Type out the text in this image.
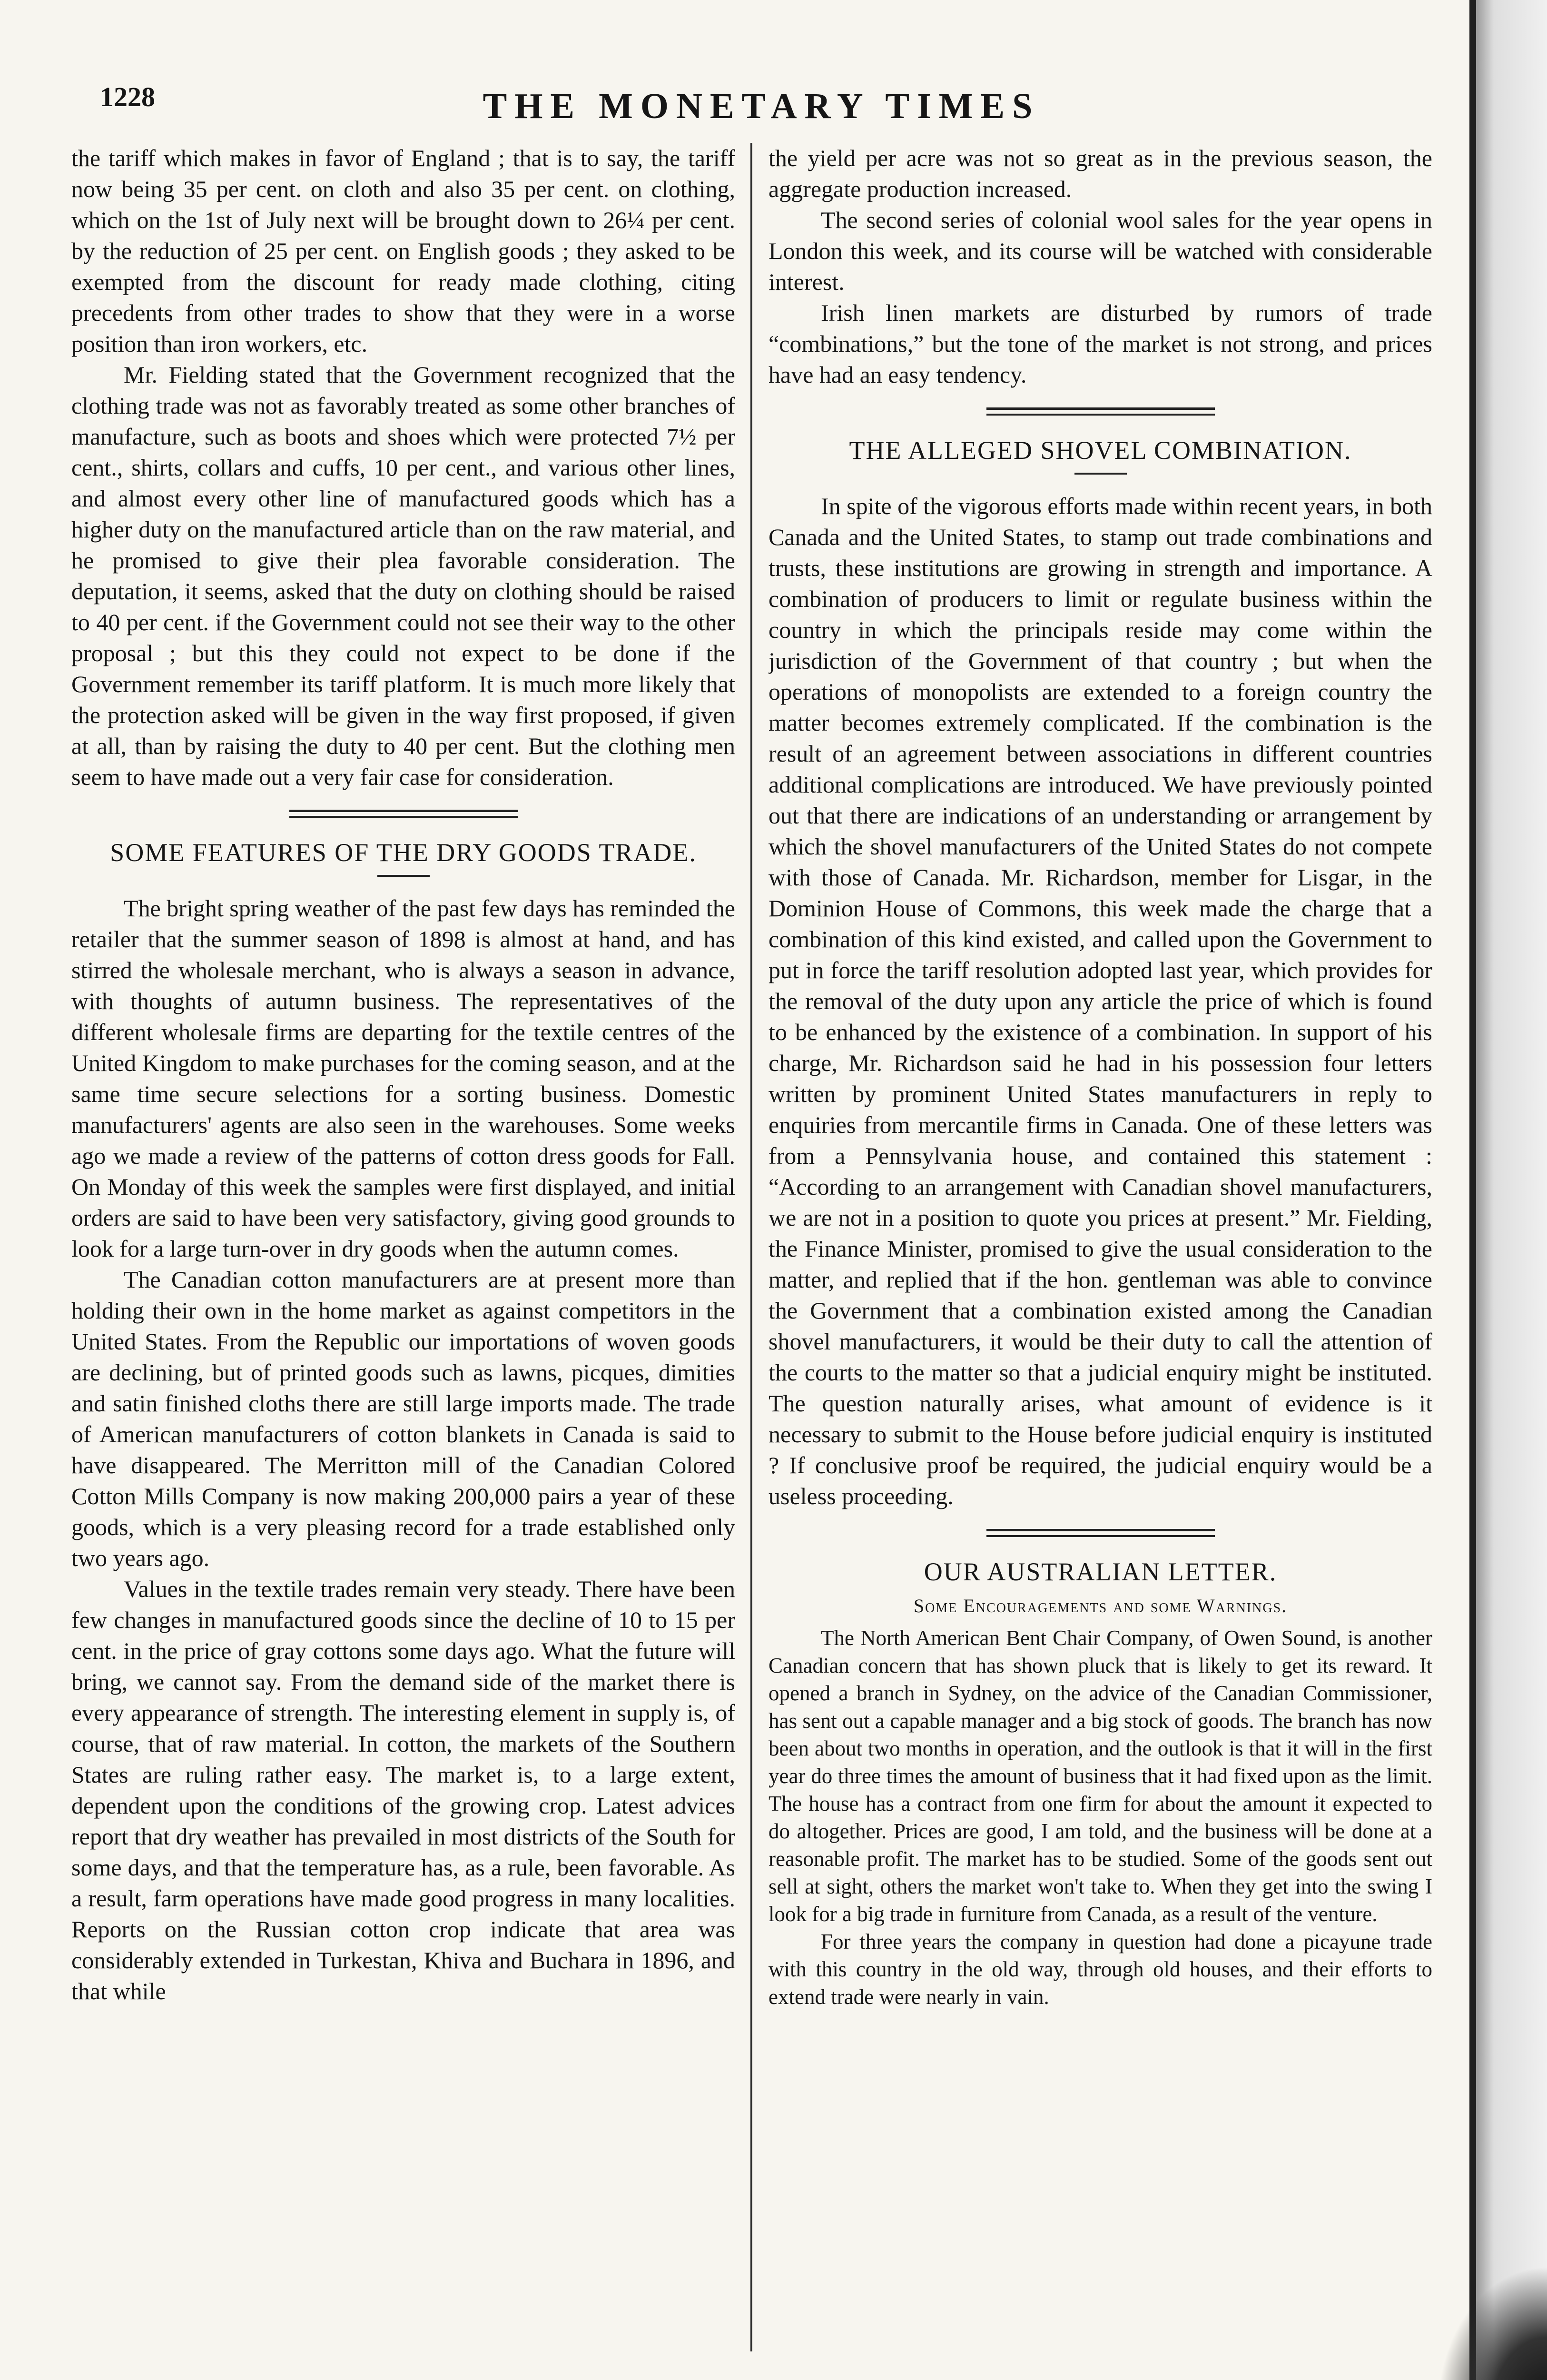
1228	THE MONETARY TIMES

the tariff which makes in favor of England ; that is to say, the tariff now being 35 per cent. on cloth and also 35 per cent. on clothing, which on the 1st of July next will be brought down to 26¼ per cent. by the reduction of 25 per cent. on English goods ; they asked to be exempted from the discount for ready made clothing, citing precedents from other trades to show that they were in a worse position than iron workers, etc.

Mr. Fielding stated that the Government recognized that the clothing trade was not as favorably treated as some other branches of manufacture, such as boots and shoes which were protected 7½ per cent., shirts, collars and cuffs, 10 per cent., and various other lines, and almost every other line of manufactured goods which has a higher duty on the manufactured article than on the raw material, and he promised to give their plea favorable consideration. The deputation, it seems, asked that the duty on clothing should be raised to 40 per cent. if the Government could not see their way to the other proposal ; but this they could not expect to be done if the Government remember its tariff platform. It is much more likely that the protection asked will be given in the way first proposed, if given at all, than by raising the duty to 40 per cent. But the clothing men seem to have made out a very fair case for consideration.

SOME FEATURES OF THE DRY GOODS TRADE.

The bright spring weather of the past few days has reminded the retailer that the summer season of 1898 is almost at hand, and has stirred the wholesale merchant, who is always a season in advance, with thoughts of autumn business. The representatives of the different wholesale firms are departing for the textile centres of the United Kingdom to make purchases for the coming season, and at the same time secure selections for a sorting business. Domestic manufacturers' agents are also seen in the warehouses. Some weeks ago we made a review of the patterns of cotton dress goods for Fall. On Monday of this week the samples were first displayed, and initial orders are said to have been very satisfactory, giving good grounds to look for a large turn-over in dry goods when the autumn comes.

The Canadian cotton manufacturers are at present more than holding their own in the home market as against competitors in the United States. From the Republic our importations of woven goods are declining, but of printed goods such as lawns, picques, dimities and satin finished cloths there are still large imports made. The trade of American manufacturers of cotton blankets in Canada is said to have disappeared. The Merritton mill of the Canadian Colored Cotton Mills Company is now making 200,000 pairs a year of these goods, which is a very pleasing record for a trade established only two years ago.

Values in the textile trades remain very steady. There have been few changes in manufactured goods since the decline of 10 to 15 per cent. in the price of gray cottons some days ago. What the future will bring, we cannot say. From the demand side of the market there is every appearance of strength. The interesting element in supply is, of course, that of raw material. In cotton, the markets of the Southern States are ruling rather easy. The market is, to a large extent, dependent upon the conditions of the growing crop. Latest advices report that dry weather has prevailed in most districts of the South for some days, and that the temperature has, as a rule, been favorable. As a result, farm operations have made good progress in many localities. Reports on the Russian cotton crop indicate that area was considerably extended in Turkestan, Khiva and Buchara in 1896, and that while

the yield per acre was not so great as in the previous season, the aggregate production increased.

The second series of colonial wool sales for the year opens in London this week, and its course will be watched with considerable interest.

Irish linen markets are disturbed by rumors of trade “combinations,” but the tone of the market is not strong, and prices have had an easy tendency.

THE ALLEGED SHOVEL COMBINATION.

In spite of the vigorous efforts made within recent years, in both Canada and the United States, to stamp out trade combinations and trusts, these institutions are growing in strength and importance. A combination of producers to limit or regulate business within the country in which the principals reside may come within the jurisdiction of the Government of that country ; but when the operations of monopolists are extended to a foreign country the matter becomes extremely complicated. If the combination is the result of an agreement between associations in different countries additional complications are introduced. We have previously pointed out that there are indications of an understanding or arrangement by which the shovel manufacturers of the United States do not compete with those of Canada. Mr. Richardson, member for Lisgar, in the Dominion House of Commons, this week made the charge that a combination of this kind existed, and called upon the Government to put in force the tariff resolution adopted last year, which provides for the removal of the duty upon any article the price of which is found to be enhanced by the existence of a combination. In support of his charge, Mr. Richardson said he had in his possession four letters written by prominent United States manufacturers in reply to enquiries from mercantile firms in Canada. One of these letters was from a Pennsylvania house, and contained this statement : “According to an arrangement with Canadian shovel manufacturers, we are not in a position to quote you prices at present.” Mr. Fielding, the Finance Minister, promised to give the usual consideration to the matter, and replied that if the hon. gentleman was able to convince the Government that a combination existed among the Canadian shovel manufacturers, it would be their duty to call the attention of the courts to the matter so that a judicial enquiry might be instituted. The question naturally arises, what amount of evidence is it necessary to submit to the House before judicial enquiry is instituted ? If conclusive proof be required, the judicial enquiry would be a useless proceeding.

OUR AUSTRALIAN LETTER.
Some Encouragements and some Warnings.

The North American Bent Chair Company, of Owen Sound, is another Canadian concern that has shown pluck that is likely to get its reward. It opened a branch in Sydney, on the advice of the Canadian Commissioner, has sent out a capable manager and a big stock of goods. The branch has now been about two months in operation, and the outlook is that it will in the first year do three times the amount of business that it had fixed upon as the limit. The house has a contract from one firm for about the amount it expected to do altogether. Prices are good, I am told, and the business will be done at a reasonable profit. The market has to be studied. Some of the goods sent out sell at sight, others the market won't take to. When they get into the swing I look for a big trade in furniture from Canada, as a result of the venture.

For three years the company in question had done a picayune trade with this country in the old way, through old houses, and their efforts to extend trade were nearly in vain.
